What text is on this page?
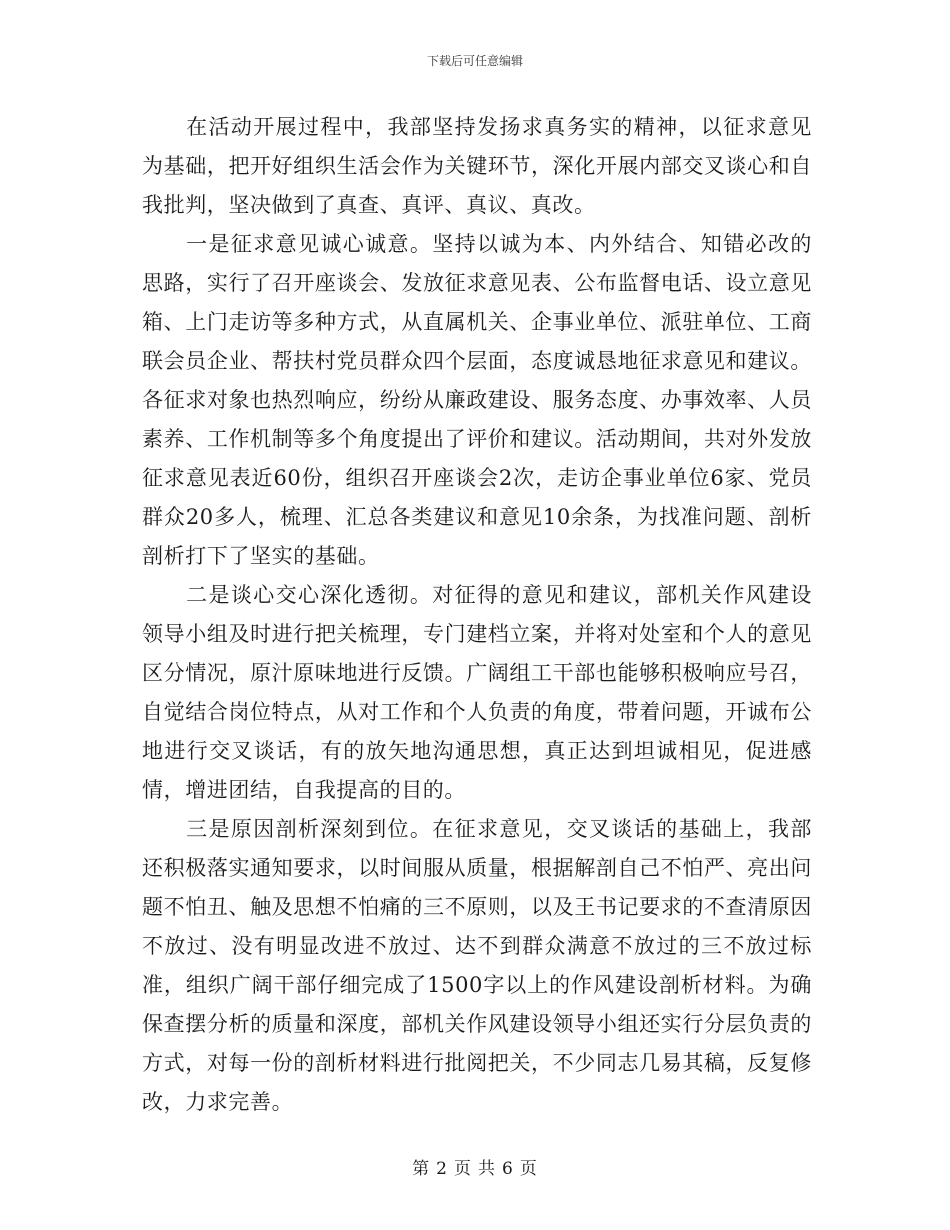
下载后可任意编辑

在活动开展过程中，我部坚持发扬求真务实的精神，以征求意见为基础，把开好组织生活会作为关键环节，深化开展内部交叉谈心和自我批判，坚决做到了真查、真评、真议、真改。

一是征求意见诚心诚意。坚持以诚为本、内外结合、知错必改的思路，实行了召开座谈会、发放征求意见表、公布监督电话、设立意见箱、上门走访等多种方式，从直属机关、企事业单位、派驻单位、工商联会员企业、帮扶村党员群众四个层面，态度诚恳地征求意见和建议。各征求对象也热烈响应，纷纷从廉政建设、服务态度、办事效率、人员素养、工作机制等多个角度提出了评价和建议。活动期间，共对外发放征求意见表近60份，组织召开座谈会2次，走访企事业单位6家、党员群众20多人，梳理、汇总各类建议和意见10余条，为找准问题、剖析剖析打下了坚实的基础。

二是谈心交心深化透彻。对征得的意见和建议，部机关作风建设领导小组及时进行把关梳理，专门建档立案，并将对处室和个人的意见区分情况，原汁原味地进行反馈。广阔组工干部也能够积极响应号召，自觉结合岗位特点，从对工作和个人负责的角度，带着问题，开诚布公地进行交叉谈话，有的放矢地沟通思想，真正达到坦诚相见，促进感情，增进团结，自我提高的目的。

三是原因剖析深刻到位。在征求意见，交叉谈话的基础上，我部还积极落实通知要求，以时间服从质量，根据解剖自己不怕严、亮出问题不怕丑、触及思想不怕痛的三不原则，以及王书记要求的不查清原因不放过、没有明显改进不放过、达不到群众满意不放过的三不放过标准，组织广阔干部仔细完成了1500字以上的作风建设剖析材料。为确保查摆分析的质量和深度，部机关作风建设领导小组还实行分层负责的方式，对每一份的剖析材料进行批阅把关，不少同志几易其稿，反复修改，力求完善。

第 2 页 共 6 页
